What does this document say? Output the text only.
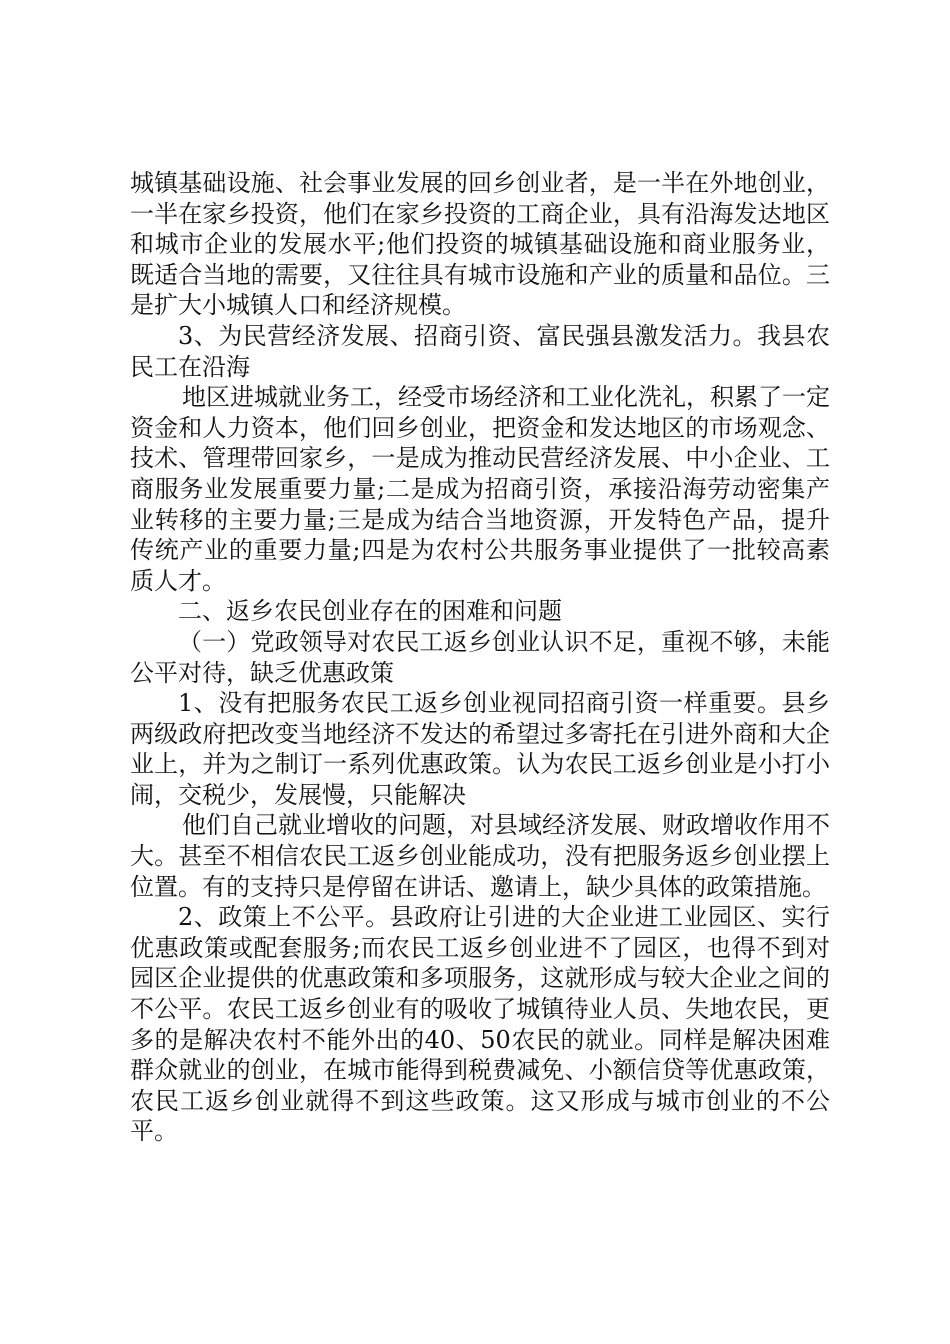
城镇基础设施、社会事业发展的回乡创业者，是一半在外地创业，一半在家乡投资，他们在家乡投资的工商企业，具有沿海发达地区和城市企业的发展水平;他们投资的城镇基础设施和商业服务业，既适合当地的需要，又往往具有城市设施和产业的质量和品位。三是扩大小城镇人口和经济规模。

3、为民营经济发展、招商引资、富民强县激发活力。我县农民工在沿海

地区进城就业务工，经受市场经济和工业化洗礼，积累了一定资金和人力资本，他们回乡创业，把资金和发达地区的市场观念、技术、管理带回家乡，一是成为推动民营经济发展、中小企业、工商服务业发展重要力量;二是成为招商引资，承接沿海劳动密集产业转移的主要力量;三是成为结合当地资源，开发特色产品，提升传统产业的重要力量;四是为农村公共服务事业提供了一批较高素质人才。

二、返乡农民创业存在的困难和问题

（一）党政领导对农民工返乡创业认识不足，重视不够，未能公平对待，缺乏优惠政策

1、没有把服务农民工返乡创业视同招商引资一样重要。县乡两级政府把改变当地经济不发达的希望过多寄托在引进外商和大企业上，并为之制订一系列优惠政策。认为农民工返乡创业是小打小闹，交税少，发展慢，只能解决

他们自己就业增收的问题，对县域经济发展、财政增收作用不大。甚至不相信农民工返乡创业能成功，没有把服务返乡创业摆上位置。有的支持只是停留在讲话、邀请上，缺少具体的政策措施。

2、政策上不公平。县政府让引进的大企业进工业园区、实行优惠政策或配套服务;而农民工返乡创业进不了园区，也得不到对园区企业提供的优惠政策和多项服务，这就形成与较大企业之间的不公平。农民工返乡创业有的吸收了城镇待业人员、失地农民，更多的是解决农村不能外出的40、50农民的就业。同样是解决困难群众就业的创业，在城市能得到税费减免、小额信贷等优惠政策，农民工返乡创业就得不到这些政策。这又形成与城市创业的不公平。
